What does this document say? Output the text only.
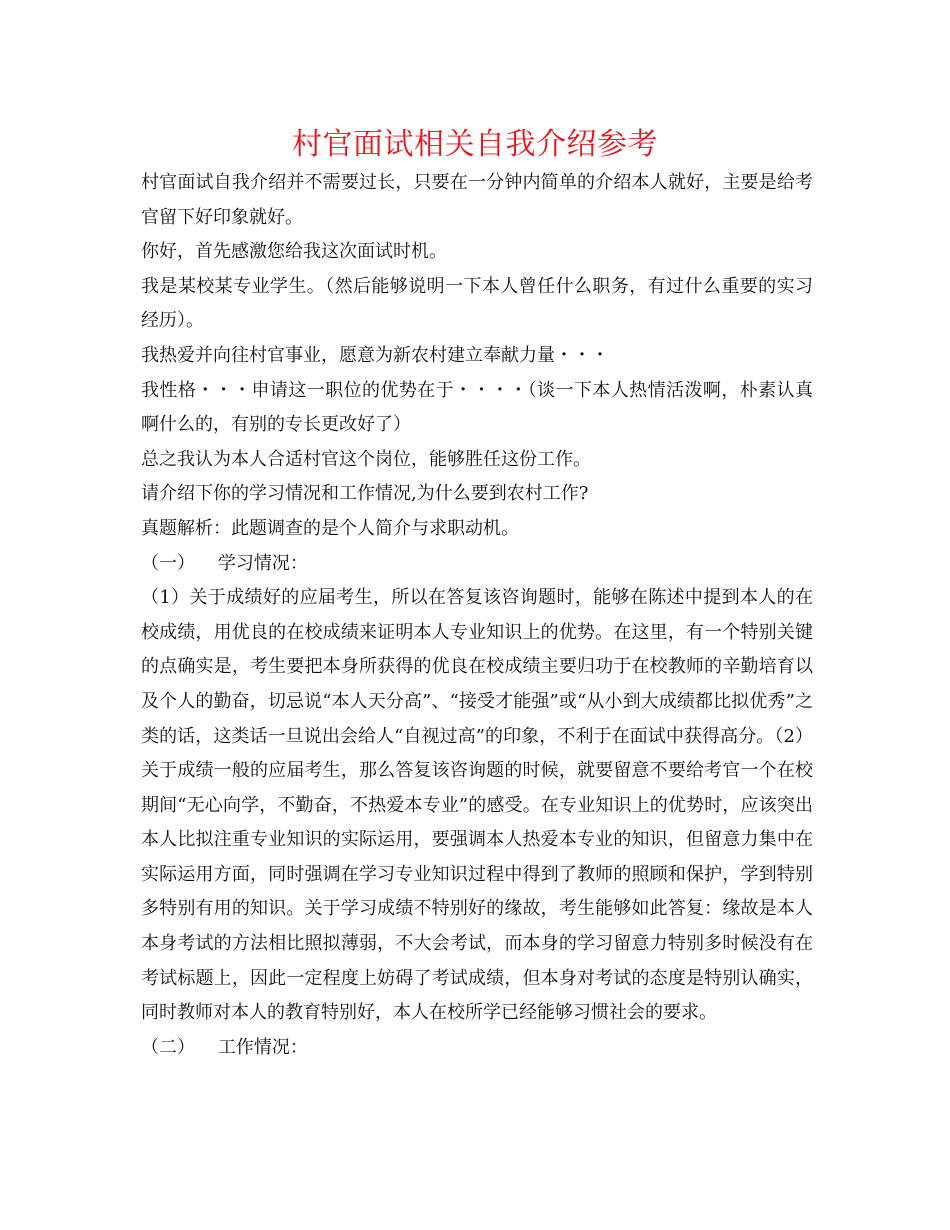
村官面试相关自我介绍参考

村官面试自我介绍并不需要过长，只要在一分钟内简单的介绍本人就好，主要是给考官留下好印象就好。

你好，首先感激您给我这次面试时机。

我是某校某专业学生。（然后能够说明一下本人曾任什么职务，有过什么重要的实习经历）。

我热爱并向往村官事业，愿意为新农村建立奉献力量・・・

我性格・・・申请这一职位的优势在于・・・・（谈一下本人热情活泼啊，朴素认真啊什么的，有别的专长更改好了）

总之我认为本人合适村官这个岗位，能够胜任这份工作。

请介绍下你的学习情况和工作情况,为什么要到农村工作?

真题解析：此题调查的是个人简介与求职动机。

（一）    学习情况：

（1）关于成绩好的应届考生，所以在答复该咨询题时，能够在陈述中提到本人的在校成绩，用优良的在校成绩来证明本人专业知识上的优势。在这里，有一个特别关键的点确实是，考生要把本身所获得的优良在校成绩主要归功于在校教师的辛勤培育以及个人的勤奋，切忌说“本人天分高”、“接受才能强”或“从小到大成绩都比拟优秀”之类的话，这类话一旦说出会给人“自视过高”的印象，不利于在面试中获得高分。（2）关于成绩一般的应届考生，那么答复该咨询题的时候，就要留意不要给考官一个在校期间“无心向学，不勤奋，不热爱本专业”的感受。在专业知识上的优势时，应该突出本人比拟注重专业知识的实际运用，要强调本人热爱本专业的知识，但留意力集中在实际运用方面，同时强调在学习专业知识过程中得到了教师的照顾和保护，学到特别多特别有用的知识。关于学习成绩不特别好的缘故，考生能够如此答复：缘故是本人本身考试的方法相比照拟薄弱，不大会考试，而本身的学习留意力特别多时候没有在考试标题上，因此一定程度上妨碍了考试成绩，但本身对考试的态度是特别认确实，同时教师对本人的教育特别好，本人在校所学已经能够习惯社会的要求。

（二）    工作情况：
